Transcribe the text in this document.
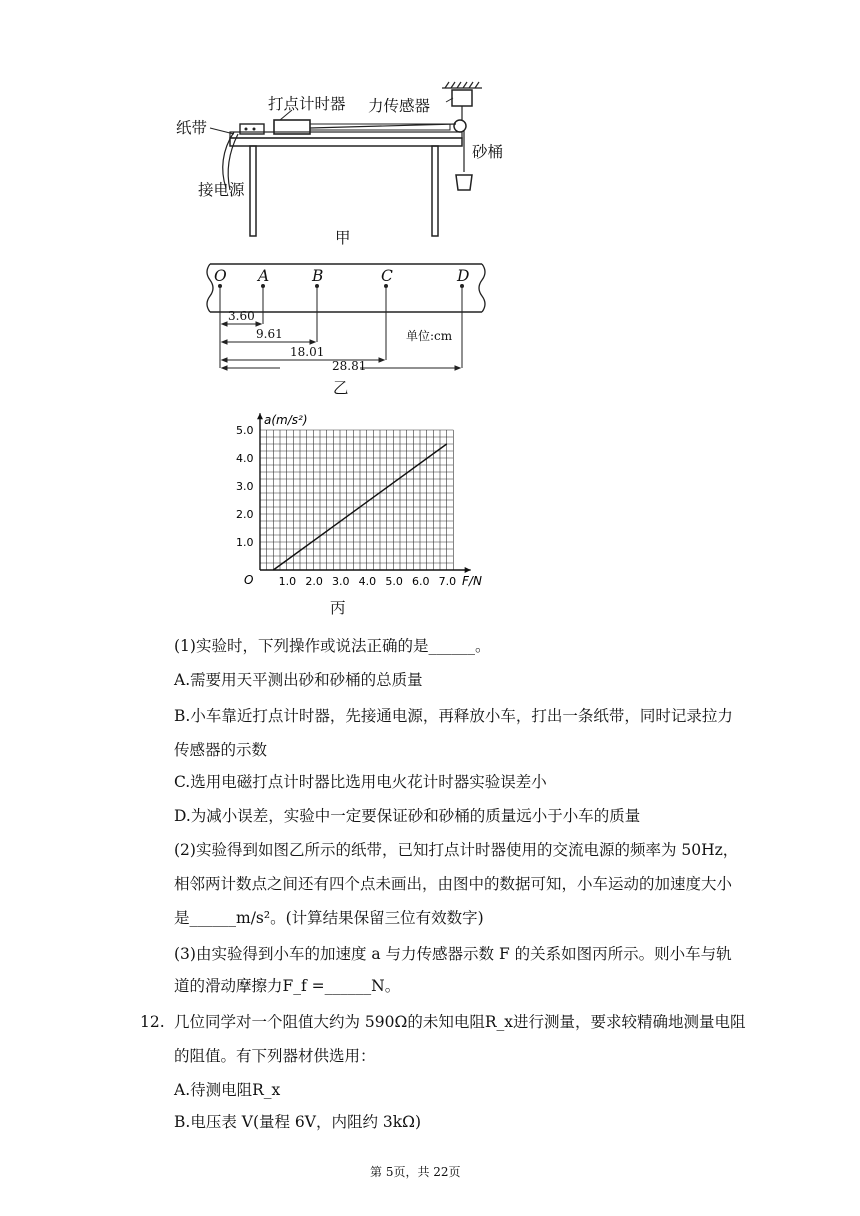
打点计时器 力传感器
纸带
砂桶
接电源
甲
O A	B	C	D
3.60
9.61
18.01
28.81
单位:cm
乙
1.0 2.0 3.0 4.0 5.0 6.0 7.0
1.0
2.0
3.0
4.0
5.0
a(m/s²)
F/N
O
丙
(1)实验时，下列操作或说法正确的是______。
A.需要用天平测出砂和砂桶的总质量
B.小车靠近打点计时器，先接通电源，再释放小车，打出一条纸带，同时记录拉力
传感器的示数
C.选用电磁打点计时器比选用电火花计时器实验误差小
D.为减小误差，实验中一定要保证砂和砂桶的质量远小于小车的质量
(2)实验得到如图乙所示的纸带，已知打点计时器使用的交流电源的频率为 50Hz，
相邻两计数点之间还有四个点未画出，由图中的数据可知，小车运动的加速度大小
是______m/s²。(计算结果保留三位有效数字)
(3)由实验得到小车的加速度 a 与力传感器示数 F 的关系如图丙所示。则小车与轨
道的滑动摩擦力F_f =______N。
12. 几位同学对一个阻值大约为 590Ω的未知电阻R_x进行测量，要求较精确地测量电阻
的阻值。有下列器材供选用：
A.待测电阻R_x
B.电压表 V(量程 6V，内阻约 3kΩ)
第 5页，共 22页
